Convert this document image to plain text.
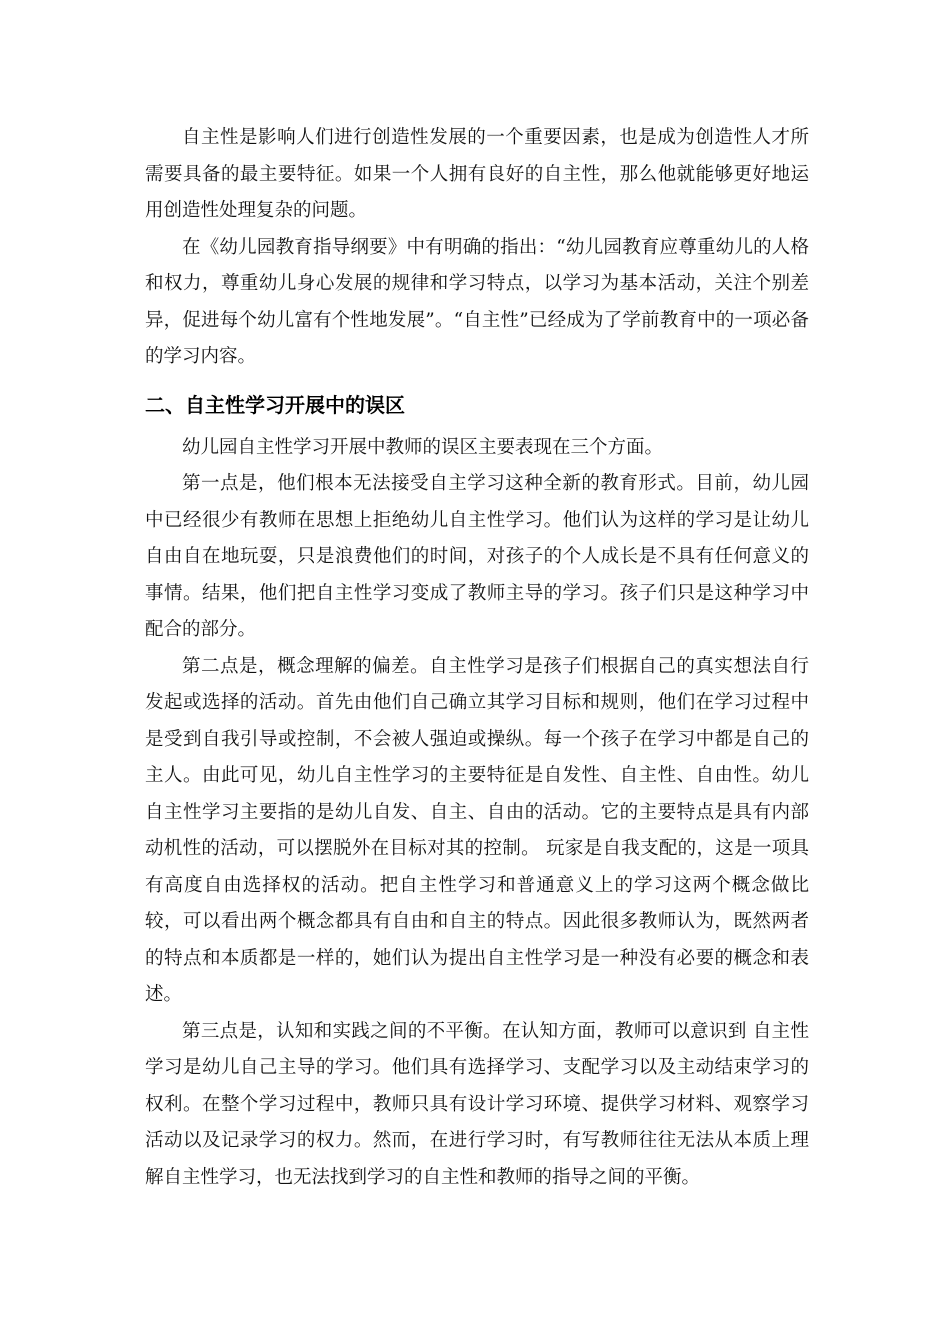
自主性是影响人们进行创造性发展的一个重要因素，也是成为创造性人才所需要具备的最主要特征。如果一个人拥有良好的自主性，那么他就能够更好地运用创造性处理复杂的问题。

在《幼儿园教育指导纲要》中有明确的指出：“幼儿园教育应尊重幼儿的人格和权力，尊重幼儿身心发展的规律和学习特点，以学习为基本活动，关注个别差异，促进每个幼儿富有个性地发展”。“自主性”已经成为了学前教育中的一项必备的学习内容。

二、自主性学习开展中的误区

幼儿园自主性学习开展中教师的误区主要表现在三个方面。

第一点是，他们根本无法接受自主学习这种全新的教育形式。目前，幼儿园中已经很少有教师在思想上拒绝幼儿自主性学习。他们认为这样的学习是让幼儿自由自在地玩耍，只是浪费他们的时间，对孩子的个人成长是不具有任何意义的事情。结果，他们把自主性学习变成了教师主导的学习。孩子们只是这种学习中配合的部分。

第二点是，概念理解的偏差。自主性学习是孩子们根据自己的真实想法自行发起或选择的活动。首先由他们自己确立其学习目标和规则，他们在学习过程中是受到自我引导或控制，不会被人强迫或操纵。每一个孩子在学习中都是自己的主人。由此可见，幼儿自主性学习的主要特征是自发性、自主性、自由性。幼儿自主性学习主要指的是幼儿自发、自主、自由的活动。它的主要特点是具有内部动机性的活动，可以摆脱外在目标对其的控制。 玩家是自我支配的，这是一项具有高度自由选择权的活动。把自主性学习和普通意义上的学习这两个概念做比较，可以看出两个概念都具有自由和自主的特点。因此很多教师认为，既然两者的特点和本质都是一样的，她们认为提出自主性学习是一种没有必要的概念和表述。

第三点是，认知和实践之间的不平衡。在认知方面，教师可以意识到 自主性学习是幼儿自己主导的学习。他们具有选择学习、支配学习以及主动结束学习的权利。在整个学习过程中，教师只具有设计学习环境、提供学习材料、观察学习活动以及记录学习的权力。然而，在进行学习时，有写教师往往无法从本质上理解自主性学习，也无法找到学习的自主性和教师的指导之间的平衡。
